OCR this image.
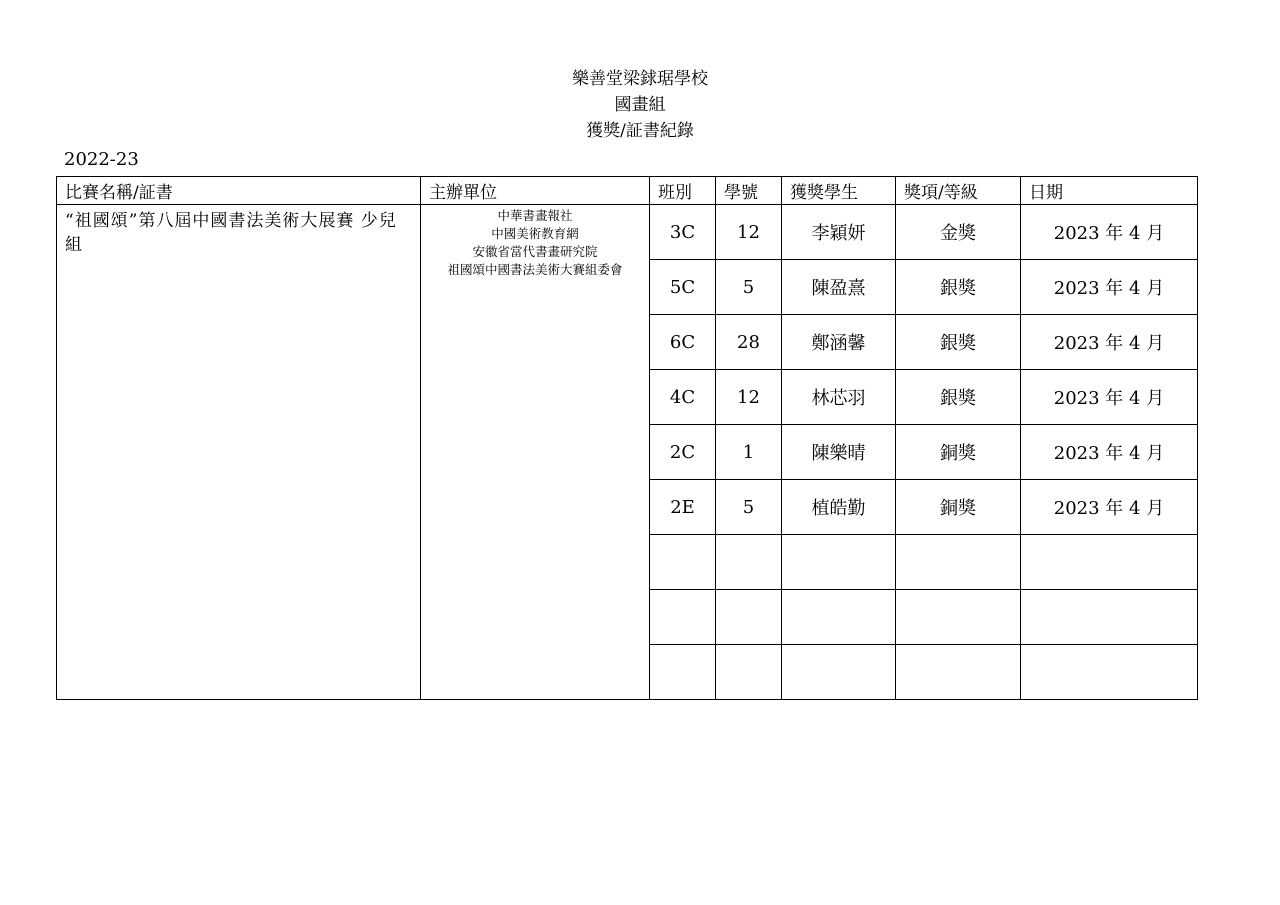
樂善堂梁銶琚學校
國畫組
獲獎/証書紀錄
2022-23
比賽名稱/証書	主辦單位	班別	學號	獲獎學生	獎項/等級	日期
“祖國頌”第八屆中國書法美術大展賽 少兒組	中華書畫報社
中國美術教育網
安徽省當代書畫研究院
祖國頌中國書法美術大賽組委會	3C	12	李穎妍	金獎	2023 年 4 月
		5C	5	陳盈熹	銀獎	2023 年 4 月
		6C	28	鄭涵馨	銀獎	2023 年 4 月
		4C	12	林芯羽	銀獎	2023 年 4 月
		2C	1	陳樂晴	銅獎	2023 年 4 月
		2E	5	植皓勤	銅獎	2023 年 4 月
